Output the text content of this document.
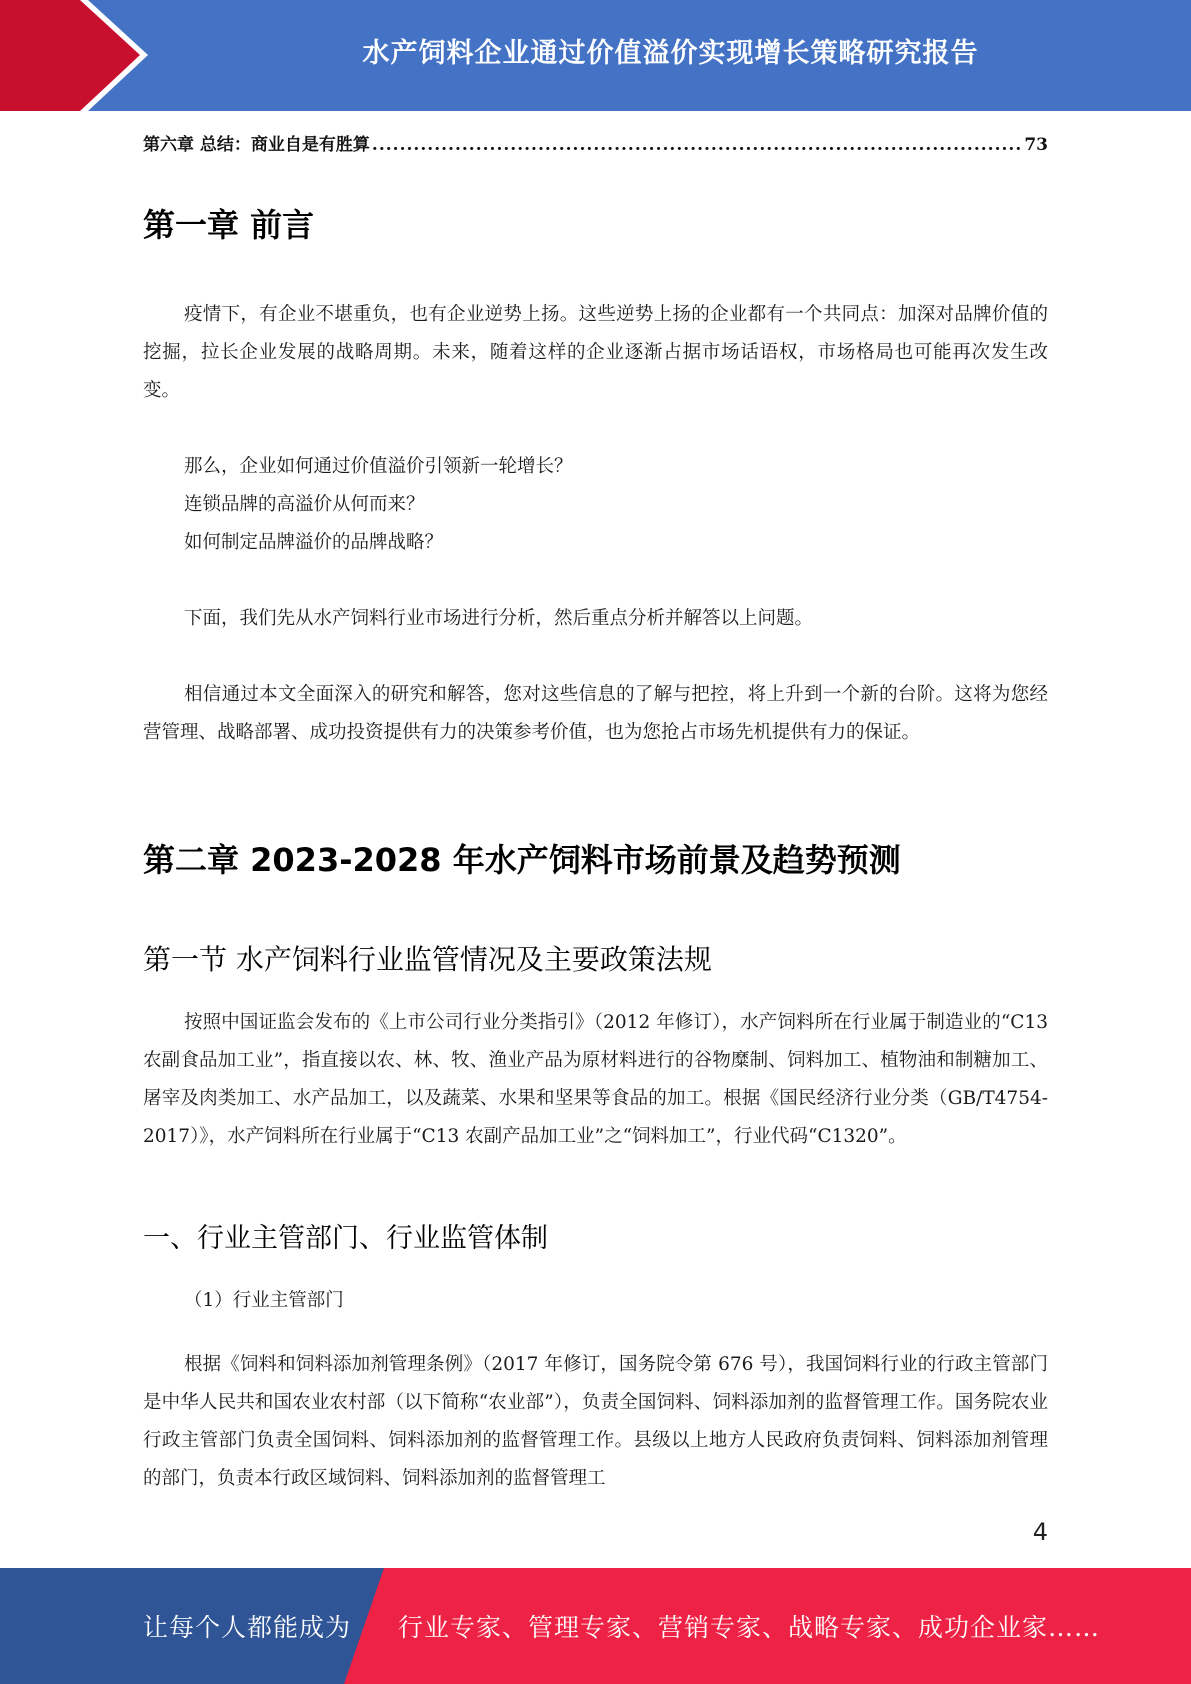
水产饲料企业通过价值溢价实现增长策略研究报告
第六章 总结：商业自是有胜算
.....	73
第一章 前言

疫情下，有企业不堪重负，也有企业逆势上扬。这些逆势上扬的企业都有一个共同点：加深对品牌价值的挖掘，拉长企业发展的战略周期。未来，随着这样的企业逐渐占据市场话语权，市场格局也可能再次发生改变。

那么，企业如何通过价值溢价引领新一轮增长？

连锁品牌的高溢价从何而来？

如何制定品牌溢价的品牌战略？

下面，我们先从水产饲料行业市场进行分析，然后重点分析并解答以上问题。

相信通过本文全面深入的研究和解答，您对这些信息的了解与把控，将上升到一个新的台阶。这将为您经营管理、战略部署、成功投资提供有力的决策参考价值，也为您抢占市场先机提供有力的保证。

第二章 2023-2028 年水产饲料市场前景及趋势预测
第一节 水产饲料行业监管情况及主要政策法规

按照中国证监会发布的《上市公司行业分类指引》（2012 年修订），水产饲料所在行业属于制造业的“C13 农副食品加工业”，指直接以农、林、牧、渔业产品为原材料进行的谷物糜制、饲料加工、植物油和制糖加工、屠宰及肉类加工、水产品加工，以及蔬菜、水果和坚果等食品的加工。根据《国民经济行业分类（GB/T4754-2017）》，水产饲料所在行业属于“C13 农副产品加工业”之“饲料加工”，行业代码“C1320”。

一、行业主管部门、行业监管体制

（1）行业主管部门

根据《饲料和饲料添加剂管理条例》（2017 年修订，国务院令第 676 号），我国饲料行业的行政主管部门是中华人民共和国农业农村部（以下简称“农业部”），负责全国饲料、饲料添加剂的监督管理工作。国务院农业行政主管部门负责全国饲料、饲料添加剂的监督管理工作。县级以上地方人民政府负责饲料、饲料添加剂管理的部门，负责本行政区域饲料、饲料添加剂的监督管理工

4
让每个人都能成为 行业专家、管理专家、营销专家、战略专家、成功企业家……
